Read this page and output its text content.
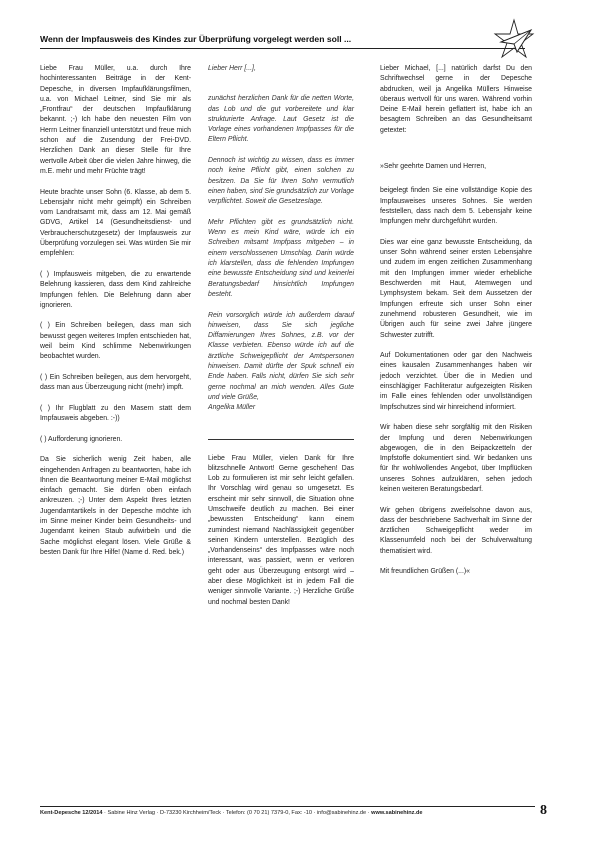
Wenn der Impfausweis des Kindes zur Überprüfung vorgelegt werden soll ...

Liebe Frau Müller, u.a. durch Ihre hochinteressanten Beiträge in der Kent-Depesche, in diversen Impfaufklärungsfilmen, u.a. von Michael Leitner, sind Sie mir als „Frontfrau“ der deutschen Impfaufklärung bekannt. ;-) Ich habe den neuesten Film von Herrn Leitner finanziell unterstützt und freue mich schon auf die Zusendung der Frei-DVD. Herzlichen Dank an dieser Stelle für Ihre wertvolle Arbeit über die vielen Jahre hinweg, die m.E. mehr und mehr Früchte trägt!

Heute brachte unser Sohn (6. Klasse, ab dem 5. Lebensjahr nicht mehr geimpft) ein Schreiben vom Landratsamt mit, dass am 12. Mai gemäß GDVG, Artikel 14 (Gesundheitsdienst- und Verbraucherschutzgesetz) der Impfausweis zur Überprüfung vorzulegen sei. Was würden Sie mir empfehlen:

( ) Impfausweis mitgeben, die zu erwartende Belehrung kassieren, dass dem Kind zahlreiche Impfungen fehlen. Die Belehrung dann aber ignorieren.

( ) Ein Schreiben beilegen, dass man sich bewusst gegen weiteres Impfen entschieden hat, weil beim Kind schlimme Nebenwirkungen beobachtet wurden.

( ) Ein Schreiben beilegen, aus dem hervorgeht, dass man aus Überzeugung nicht (mehr) impft.

( ) Ihr Flugblatt zu den Masern statt dem Impfausweis abgeben. :-))

( ) Aufforderung ignorieren.

Da Sie sicherlich wenig Zeit haben, alle eingehenden Anfragen zu beantworten, habe ich Ihnen die Beantwortung meiner E-Mail möglichst einfach gemacht. Sie dürfen oben einfach ankreuzen. ;-) Unter dem Aspekt Ihres letzten Jugendamtartikels in der Depesche möchte ich im Sinne meiner Kinder beim Gesundheits- und Jugendamt keinen Staub aufwirbeln und die Sache möglichst elegant lösen. Viele Grüße & besten Dank für Ihre Hilfe! (Name d. Red. bek.)

Lieber Herr [...],

zunächst herzlichen Dank für die netten Worte, das Lob und die gut vorbereitete und klar strukturierte Anfrage. Laut Gesetz ist die Vorlage eines vorhandenen Impfpasses für die Eltern Pflicht.

Dennoch ist wichtig zu wissen, dass es immer noch keine Pflicht gibt, einen solchen zu besitzen. Da Sie für Ihren Sohn vermutlich einen haben, sind Sie grundsätzlich zur Vorlage verpflichtet. Soweit die Gesetzeslage.

Mehr Pflichten gibt es grundsätzlich nicht. Wenn es mein Kind wäre, würde ich ein Schreiben mitsamt Impfpass mitgeben – in einem verschlossenen Umschlag. Darin würde ich klarstellen, dass die fehlenden Impfungen eine bewusste Entscheidung sind und keinerlei Beratungsbedarf hinsichtlich Impfungen besteht.

Rein vorsorglich würde ich außerdem darauf hinweisen, dass Sie sich jegliche Diffamierungen Ihres Sohnes, z.B. vor der Klasse verbieten. Ebenso würde ich auf die ärztliche Schweigepflicht der Amtspersonen hinweisen. Damit dürfte der Spuk schnell ein Ende haben. Falls nicht, dürfen Sie sich sehr gerne nochmal an mich wenden. Alles Gute und viele Grüße,

Angelika Müller

Liebe Frau Müller, vielen Dank für Ihre blitzschnelle Antwort! Gerne geschehen! Das Lob zu formulieren ist mir sehr leicht gefallen. Ihr Vorschlag wird genau so umgesetzt. Es erscheint mir sehr sinnvoll, die Situation ohne Umschweife deutlich zu machen. Bei einer „bewussten Entscheidung“ kann einem zumindest niemand Nachlässigkeit gegenüber seinen Kindern unterstellen. Bezüglich des „Vorhandenseins“ des Impfpasses wäre noch interessant, was passiert, wenn er verloren geht oder aus Überzeugung entsorgt wird – aber diese Möglichkeit ist in jedem Fall die weniger sinnvolle Variante. ;-) Herzliche Grüße und nochmal besten Dank!

Lieber Michael, [...] natürlich darfst Du den Schriftwechsel gerne in der Depesche abdrucken, weil ja Angelika Müllers Hinweise überaus wertvoll für uns waren. Während vorhin Deine E-Mail herein geflattert ist, habe ich an besagtem Schreiben an das Gesundheitsamt getextet:

»Sehr geehrte Damen und Herren,

beigelegt finden Sie eine vollständige Kopie des Impfausweises unseres Sohnes. Sie werden feststellen, dass nach dem 5. Lebensjahr keine Impfungen mehr durchgeführt wurden.

Dies war eine ganz bewusste Entscheidung, da unser Sohn während seiner ersten Lebensjahre und zudem im engen zeitlichen Zusammenhang mit den Impfungen immer wieder erhebliche Beschwerden mit Haut, Atemwegen und Lymphsystem bekam. Seit dem Aussetzen der Impfungen erfreute sich unser Sohn einer zunehmend robusteren Gesundheit, wie im Übrigen auch für seine zwei Jahre jüngere Schwester zutrifft.

Auf Dokumentationen oder gar den Nachweis eines kausalen Zusammenhanges haben wir jedoch verzichtet. Über die in Medien und einschlägiger Fachliteratur aufgezeigten Risiken im Falle eines fehlenden oder unvollständigen Impfschutzes sind wir hinreichend informiert.

Wir haben diese sehr sorgfältig mit den Risiken der Impfung und deren Nebenwirkungen abgewogen, die in den Beipackzetteln der Impfstoffe dokumentiert sind. Wir bedanken uns für Ihr wohlwollendes Angebot, über Impflücken unseres Sohnes aufzuklären, sehen jedoch keinen weiteren Beratungsbedarf.

Wir gehen übrigens zweifelsohne davon aus, dass der beschriebene Sachverhalt im Sinne der ärztlichen Schweigepflicht weder im Klassenumfeld noch bei der Schulverwaltung thematisiert wird.

Mit freundlichen Grüßen (...)«

Kent-Depesche 12/2014 · Sabine Hinz Verlag · D-73230 Kirchheim/Teck · Telefon: (0 70 21) 7379-0, Fax: -10 · info@sabinehinz.de · www.sabinehinz.de	8
